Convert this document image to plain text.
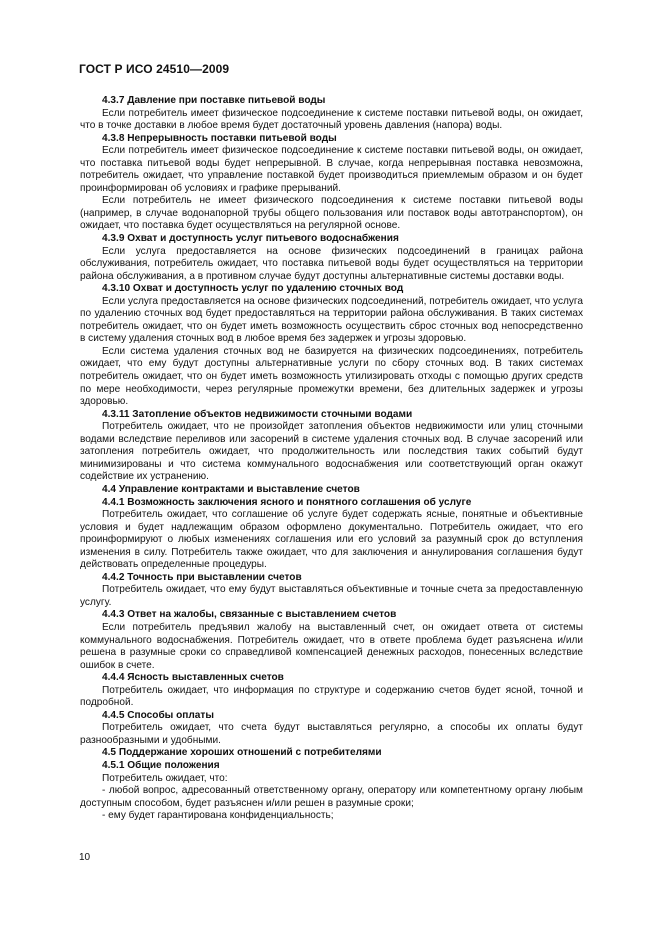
ГОСТ Р ИСО 24510—2009

4.3.7 Давление при поставке питьевой воды

Если потребитель имеет физическое подсоединение к системе поставки питьевой воды, он ожидает, что в точке доставки в любое время будет достаточный уровень давления (напора) воды.

4.3.8 Непрерывность поставки питьевой воды

Если потребитель имеет физическое подсоединение к системе поставки питьевой воды, он ожидает, что поставка питьевой воды будет непрерывной. В случае, когда непрерывная поставка невозможна, потребитель ожидает, что управление поставкой будет производиться приемлемым образом и он будет проинформирован об условиях и графике прерываний.

Если потребитель не имеет физического подсоединения к системе поставки питьевой воды (например, в случае водонапорной трубы общего пользования или поставок воды автотранспортом), он ожидает, что поставка будет осуществляться на регулярной основе.

4.3.9 Охват и доступность услуг питьевого водоснабжения

Если услуга предоставляется на основе физических подсоединений в границах района обслуживания, потребитель ожидает, что поставка питьевой воды будет осуществляться на территории района обслуживания, а в противном случае будут доступны альтернативные системы доставки воды.

4.3.10 Охват и доступность услуг по удалению сточных вод

Если услуга предоставляется на основе физических подсоединений, потребитель ожидает, что услуга по удалению сточных вод будет предоставляться на территории района обслуживания. В таких системах потребитель ожидает, что он будет иметь возможность осуществить сброс сточных вод непосредственно в систему удаления сточных вод в любое время без задержек и угрозы здоровью.

Если система удаления сточных вод не базируется на физических подсоединениях, потребитель ожидает, что ему будут доступны альтернативные услуги по сбору сточных вод. В таких системах потребитель ожидает, что он будет иметь возможность утилизировать отходы с помощью других средств по мере необходимости, через регулярные промежутки времени, без длительных задержек и угрозы здоровью.

4.3.11 Затопление объектов недвижимости сточными водами

Потребитель ожидает, что не произойдет затопления объектов недвижимости или улиц сточными водами вследствие переливов или засорений в системе удаления сточных вод. В случае засорений или затопления потребитель ожидает, что продолжительность или последствия таких событий будут минимизированы и что система коммунального водоснабжения или соответствующий орган окажут содействие их устранению.

4.4 Управление контрактами и выставление счетов

4.4.1 Возможность заключения ясного и понятного соглашения об услуге

Потребитель ожидает, что соглашение об услуге будет содержать ясные, понятные и объективные условия и будет надлежащим образом оформлено документально. Потребитель ожидает, что его проинформируют о любых изменениях соглашения или его условий за разумный срок до вступления изменения в силу. Потребитель также ожидает, что для заключения и аннулирования соглашения будут действовать определенные процедуры.

4.4.2 Точность при выставлении счетов

Потребитель ожидает, что ему будут выставляться объективные и точные счета за предоставленную услугу.

4.4.3 Ответ на жалобы, связанные с выставлением счетов

Если потребитель предъявил жалобу на выставленный счет, он ожидает ответа от системы коммунального водоснабжения. Потребитель ожидает, что в ответе проблема будет разъяснена и/или решена в разумные сроки со справедливой компенсацией денежных расходов, понесенных вследствие ошибок в счете.

4.4.4 Ясность выставленных счетов

Потребитель ожидает, что информация по структуре и содержанию счетов будет ясной, точной и подробной.

4.4.5 Способы оплаты

Потребитель ожидает, что счета будут выставляться регулярно, а способы их оплаты будут разнообразными и удобными.

4.5 Поддержание хороших отношений с потребителями

4.5.1 Общие положения

Потребитель ожидает, что:

- любой вопрос, адресованный ответственному органу, оператору или компетентному органу любым доступным способом, будет разъяснен и/или решен в разумные сроки;

- ему будет гарантирована конфиденциальность;

10
